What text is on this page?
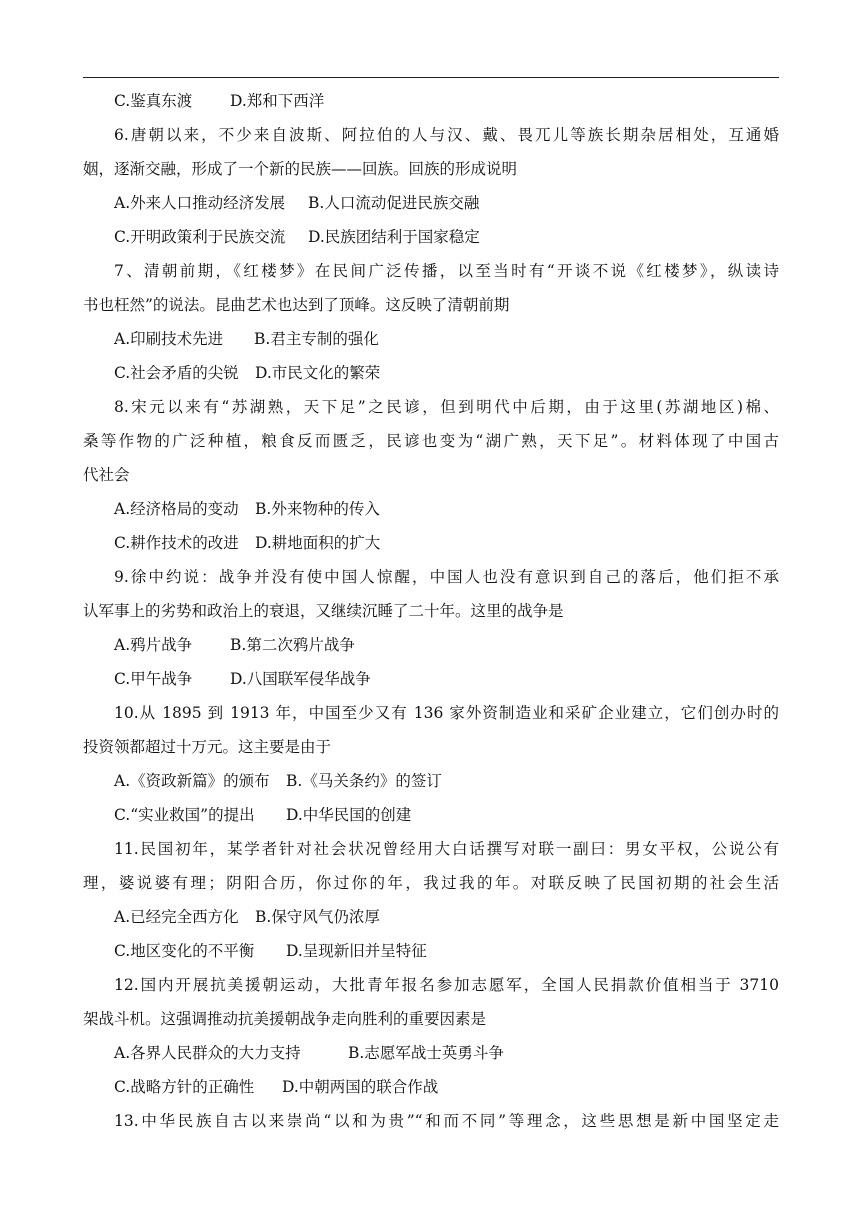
C.鉴真东渡	D.郑和下西洋
6.唐朝以来，不少来自波斯、阿拉伯的人与汉、戴、畏兀儿等族长期杂居相处，互通婚
姻，逐渐交融，形成了一个新的民族——回族。回族的形成说明
A.外来人口推动经济发展	B.人口流动促进民族交融
C.开明政策利于民族交流	D.民族团结利于国家稳定
7、清朝前期，《红楼梦》在民间广泛传播，以至当时有“开谈不说《红楼梦》，纵读诗
书也枉然”的说法。昆曲艺术也达到了顶峰。这反映了清朝前期
A.印刷技术先进	B.君主专制的强化
C.社会矛盾的尖锐	D.市民文化的繁荣
8.宋元以来有“苏湖熟，天下足”之民谚，但到明代中后期，由于这里(苏湖地区)棉、
桑等作物的广泛种植，粮食反而匮乏，民谚也变为“湖广熟，天下足”。材料体现了中国古
代社会
A.经济格局的变动	B.外来物种的传入
C.耕作技术的改进	D.耕地面积的扩大
9.徐中约说：战争并没有使中国人惊醒，中国人也没有意识到自己的落后，他们拒不承
认军事上的劣势和政治上的衰退，又继续沉睡了二十年。这里的战争是
A.鸦片战争	B.第二次鸦片战争
C.甲午战争	D.八国联军侵华战争
10.从 1895 到 1913 年，中国至少又有 136 家外资制造业和采矿企业建立，它们创办时的
投资领都超过十万元。这主要是由于
A.《资政新篇》的颁布	B.《马关条约》的签订
C.“实业救国”的提出	D.中华民国的创建
11.民国初年，某学者针对社会状况曾经用大白话撰写对联一副曰：男女平权，公说公有
理，婆说婆有理；阴阳合历，你过你的年，我过我的年。对联反映了民国初期的社会生活
A.已经完全西方化	B.保守风气仍浓厚
C.地区变化的不平衡	D.呈现新旧并呈特征
12.国内开展抗美援朝运动，大批青年报名参加志愿军，全国人民捐款价值相当于 3710
架战斗机。这强调推动抗美援朝战争走向胜利的重要因素是
A.各界人民群众的大力支持	B.志愿军战士英勇斗争
C.战略方针的正确性	D.中朝两国的联合作战
13.中华民族自古以来崇尚“以和为贵”“和而不同”等理念，这些思想是新中国坚定走
